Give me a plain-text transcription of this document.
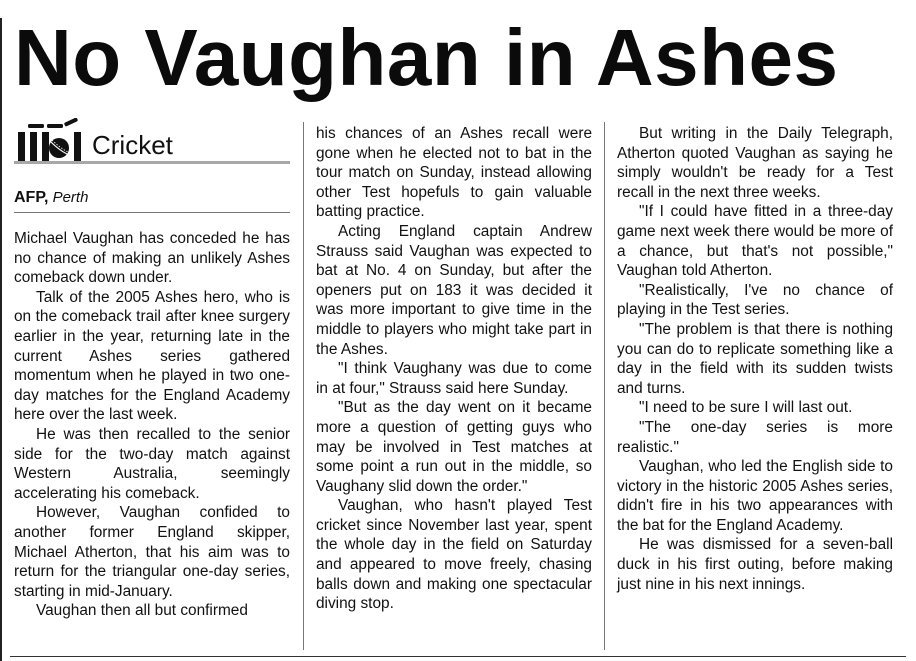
No Vaughan in Ashes
Cricket
AFP, Perth

Michael Vaughan has conceded he has no chance of making an unlikely Ashes comeback down under.

Talk of the 2005 Ashes hero, who is on the comeback trail after knee surgery earlier in the year, returning late in the current Ashes series gathered momentum when he played in two one-day matches for the England Academy here over the last week.

He was then recalled to the senior side for the two-day match against Western Australia, seemingly accelerating his comeback.

However, Vaughan confided to another former England skipper, Michael Atherton, that his aim was to return for the triangular one-day series, starting in mid-January.

Vaughan then all but confirmed

his chances of an Ashes recall were gone when he elected not to bat in the tour match on Sunday, instead allowing other Test hopefuls to gain valuable batting practice.

Acting England captain Andrew Strauss said Vaughan was expected to bat at No. 4 on Sunday, but after the openers put on 183 it was decided it was more important to give time in the middle to players who might take part in the Ashes.

"I think Vaughany was due to come in at four," Strauss said here Sunday.

"But as the day went on it became more a question of getting guys who may be involved in Test matches at some point a run out in the middle, so Vaughany slid down the order."

Vaughan, who hasn't played Test cricket since November last year, spent the whole day in the field on Saturday and appeared to move freely, chasing balls down and making one spectacular diving stop.

But writing in the Daily Telegraph, Atherton quoted Vaughan as saying he simply wouldn't be ready for a Test recall in the next three weeks.

"If I could have fitted in a three-day game next week there would be more of a chance, but that's not possible," Vaughan told Atherton.

"Realistically, I've no chance of playing in the Test series.

"The problem is that there is nothing you can do to replicate something like a day in the field with its sudden twists and turns.

"I need to be sure I will last out.

"The one-day series is more realistic."

Vaughan, who led the English side to victory in the historic 2005 Ashes series, didn't fire in his two appearances with the bat for the England Academy.

He was dismissed for a seven-ball duck in his first outing, before making just nine in his next innings.
